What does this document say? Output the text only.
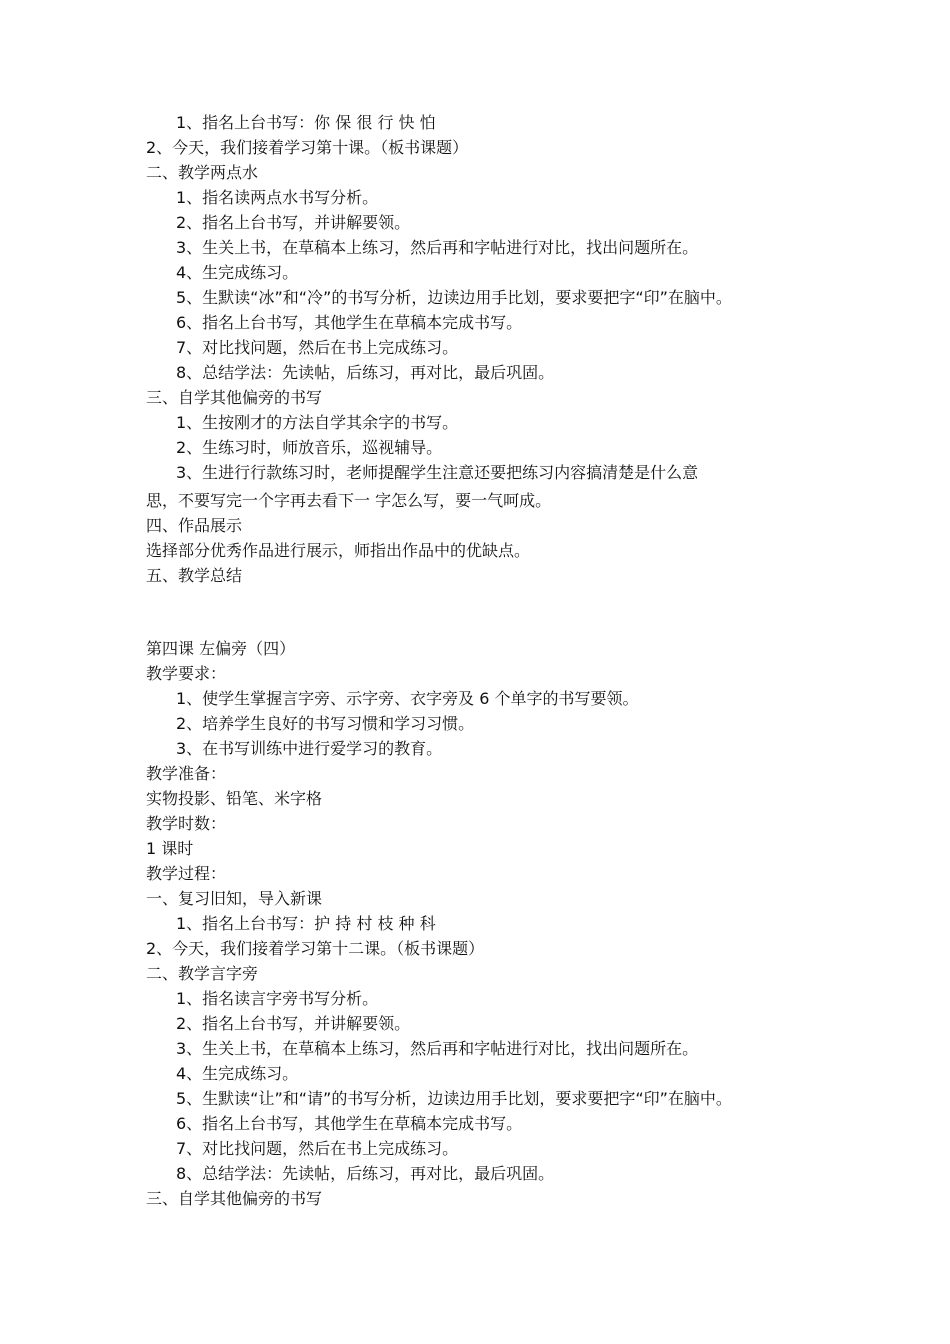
1、指名上台书写：你 保 很 行 快 怕
2、今天，我们接着学习第十课。（板书课题）
二、教学两点水
1、指名读两点水书写分析。
2、指名上台书写，并讲解要领。
3、生关上书，在草稿本上练习，然后再和字帖进行对比，找出问题所在。
4、生完成练习。
5、生默读“冰”和“冷”的书写分析，边读边用手比划，要求要把字“印”在脑中。
6、指名上台书写，其他学生在草稿本完成书写。
7、对比找问题，然后在书上完成练习。
8、总结学法：先读帖，后练习，再对比，最后巩固。
三、自学其他偏旁的书写
1、生按刚才的方法自学其余字的书写。
2、生练习时，师放音乐，巡视辅导。
3、生进行行款练习时，老师提醒学生注意还要把练习内容搞清楚是什么意
思，不要写完一个字再去看下一 字怎么写，要一气呵成。
四、作品展示
选择部分优秀作品进行展示，师指出作品中的优缺点。
五、教学总结
第四课 左偏旁（四）
教学要求：
1、使学生掌握言字旁、示字旁、衣字旁及 6 个单字的书写要领。
2、培养学生良好的书写习惯和学习习惯。
3、在书写训练中进行爱学习的教育。
教学准备：
实物投影、铅笔、米字格
教学时数：
1 课时
教学过程：
一、复习旧知，导入新课
1、指名上台书写：护 持 村 枝 种 科
2、今天，我们接着学习第十二课。（板书课题）
二、教学言字旁
1、指名读言字旁书写分析。
2、指名上台书写，并讲解要领。
3、生关上书，在草稿本上练习，然后再和字帖进行对比，找出问题所在。
4、生完成练习。
5、生默读“让”和“请”的书写分析，边读边用手比划，要求要把字“印”在脑中。
6、指名上台书写，其他学生在草稿本完成书写。
7、对比找问题，然后在书上完成练习。
8、总结学法：先读帖，后练习，再对比，最后巩固。
三、自学其他偏旁的书写
